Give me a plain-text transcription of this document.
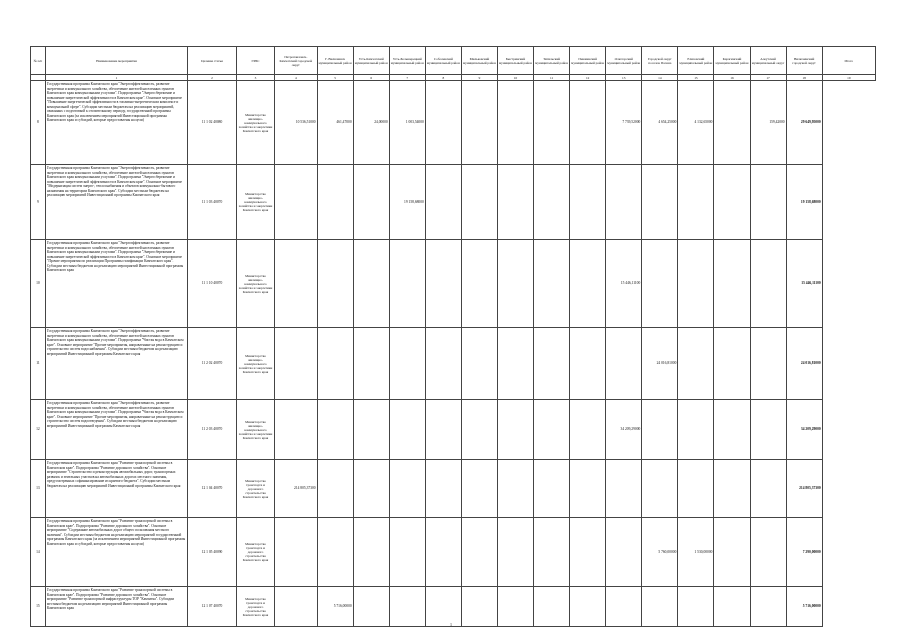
№ п/п	Наименование мероприятия	Целевая статья	ГРБС	Петропавловск-Камчатский городской округ	Г. Вилючинск муниципальный район	Усть-Камчатский муниципальный район	Усть-Большерецкий муниципальный район	Соболевский муниципальный район	Мильковский муниципальный район	Быстринский муниципальный район	Тигильский муниципальный район	Пенжинский муниципальный район	Олюторский муниципальный район	Городской округ поселок Палана	Елизовский муниципальный район	Карагинский муниципальный район	Алеутский муниципальный округ	Вилючинский городской округ	Итого
	1	2	3	4	5	6	7	8	9	10	11	12	13	14	15	16	17	18	19
8	Государственная программа Камчатского края "Энергоэффективность, развитие энергетики и коммунального хозяйства, обеспечение жителей населенных пунктов Камчатского края коммунальными услугами". Подпрограмма "Энергосбережение и повышение энергетической эффективности в Камчатском крае". Основное мероприятие "Повышение энергетической эффективности в топливно-энергетическом комплексе и коммунальной сфере". Субсидии местным бюджетам на реализацию мероприятий, связанных с подготовкой к отопительному периоду, государственной программы Камчатского края (за исключением мероприятий Инвестиционной программы Камчатского края и субсидий, которые предоставлены на цели)	11 1 02 40080	Министерство жилищно-коммунального хозяйства и энергетики Камчатского края	10 536,51000	461,47000	24,00000	1 003,54000						7 739,52000	4 654,25000	4 132,65000		159,42000	29 649,95000	
9	Государственная программа Камчатского края "Энергоэффективность, развитие энергетики и коммунального хозяйства, обеспечение жителей населенных пунктов Камчатского края коммунальными услугами". Подпрограмма "Энергосбережение и повышение энергетической эффективности в Камчатском крае". Основное мероприятие "Модернизация систем энерго-, теплоснабжения и объектов коммунально-бытового назначения на территории Камчатского края". Субсидии местным бюджетам на реализацию мероприятий Инвестиционной программы Камчатского края	11 1 03 40070	Министерство жилищно-коммунального хозяйства и энергетики Камчатского края				19 158,68000											19 158,68000	
10	Государственная программа Камчатского края "Энергоэффективность, развитие энергетики и коммунального хозяйства, обеспечение жителей населенных пунктов Камчатского края коммунальными услугами". Подпрограмма "Энергосбережение и повышение энергетической эффективности в Камчатском крае". Основное мероприятие "Прочие мероприятия по реализации Программы газификации Камчатского края". Субсидии местным бюджетам на реализацию мероприятий Инвестиционной программы Камчатского края	11 1 10 40070	Министерство жилищно-коммунального хозяйства и энергетики Камчатского края										15 446,11100					15 446,11100	
11	Государственная программа Камчатского края "Энергоэффективность, развитие энергетики и коммунального хозяйства, обеспечение жителей населенных пунктов Камчатского края коммунальными услугами". Подпрограмма "Чистая вода в Камчатском крае". Основное мероприятие "Прочие мероприятия, направленные на реконструкцию и строительство систем водоснабжения". Субсидии местным бюджетам на реализацию мероприятий Инвестиционной программы Камчатского края	11 2 02 40070	Министерство жилищно-коммунального хозяйства и энергетики Камчатского края											24 016,81000				24 016,81000	
12	Государственная программа Камчатского края "Энергоэффективность, развитие энергетики и коммунального хозяйства, обеспечение жителей населенных пунктов Камчатского края коммунальными услугами". Подпрограмма "Чистая вода в Камчатском крае". Основное мероприятие "Прочие мероприятия, направленные на реконструкцию и строительство систем водоотведения". Субсидии местным бюджетам на реализацию мероприятий Инвестиционной программы Камчатского края	11 2 03 40070	Министерство жилищно-коммунального хозяйства и энергетики Камчатского края										34 209,29000					34 209,29000	
13	Государственная программа Камчатского края "Развитие транспортной системы в Камчатском крае". Подпрограмма "Развитие дорожного хозяйства". Основное мероприятие "Строительство и реконструкция автомобильных дорог, транспортных развязок и земельных участков на автомобильных дорогах местного значения, предусмотренных софинансирование из краевого бюджета". Субсидии местным бюджетам на реализацию мероприятий Инвестиционной программы Камчатского края	12 1 04 40070	Министерство транспорта и дорожного строительства Камчатского края	214 805,37300														214 805,37300	
14	Государственная программа Камчатского края "Развитие транспортной системы в Камчатском крае". Подпрограмма "Развитие дорожного хозяйства". Основное мероприятие "Содержание автомобильных дорог общего пользования местного значения". Субсидии местным бюджетам на реализацию мероприятий государственной программы Камчатского края (за исключением мероприятий Инвестиционной программы Камчатского края и субсидий, которые предоставлены на цели)	12 1 05 40090	Министерство транспорта и дорожного строительства Камчатского края											5 760,00000	1 530,00000			7 290,00000	
15	Государственная программа Камчатского края "Развитие транспортной системы в Камчатском крае". Подпрограмма "Развитие дорожного хозяйства". Основное мероприятие "Развитие транспортной инфраструктуры ТОР "Камчатка". Субсидии местным бюджетам на реализацию мероприятий Инвестиционной программы Камчатского края	12 1 07 40070	Министерство транспорта и дорожного строительства Камчатского края		5 716,00000													5 716,00000	
1
